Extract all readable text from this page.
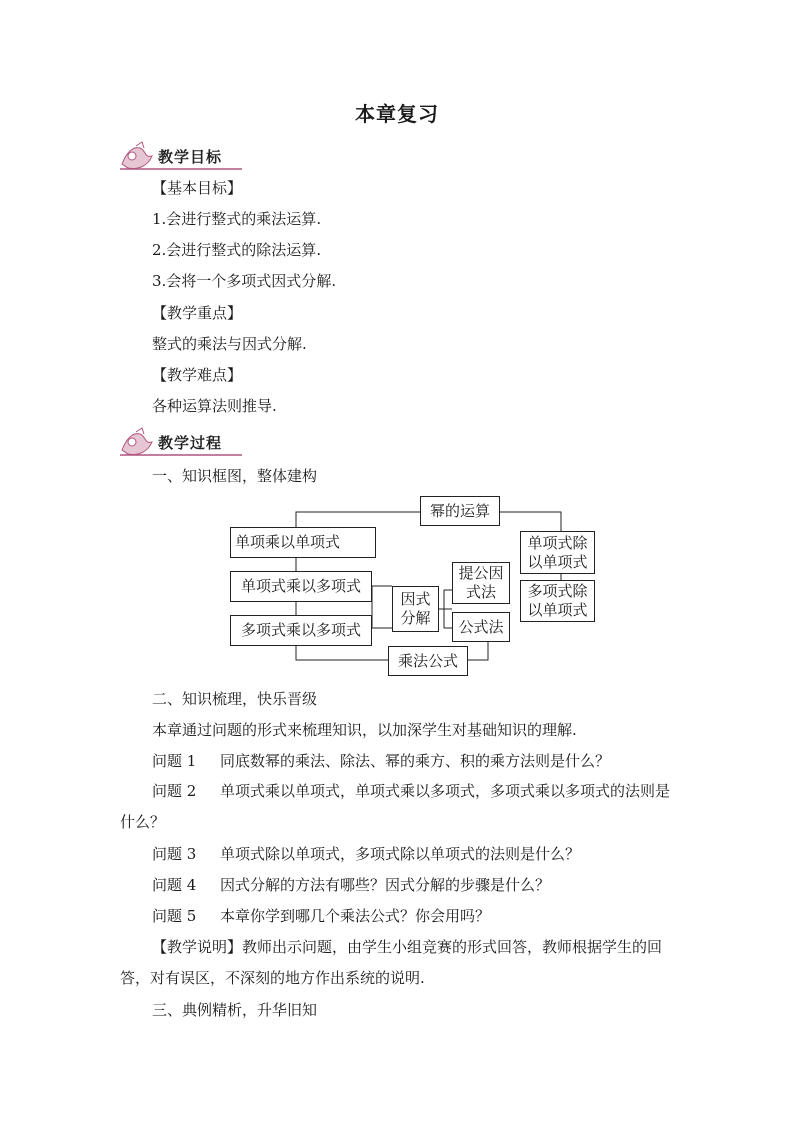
本章复习
教学目标
【基本目标】
1.会进行整式的乘法运算.
2.会进行整式的除法运算.
3.会将一个多项式因式分解.
【教学重点】
整式的乘法与因式分解.
【教学难点】
各种运算法则推导.
教学过程
一、知识框图，整体建构
幂的运算
单项乘以单项式
单项式乘以多项式
多项式乘以多项式
因式分解
提公因式法
公式法
乘法公式
单项式除以单项式
多项式除以单项式
二、知识梳理，快乐晋级
本章通过问题的形式来梳理知识，以加深学生对基础知识的理解.
问题 1 同底数幂的乘法、除法、幂的乘方、积的乘方法则是什么？
问题 2 单项式乘以单项式，单项式乘以多项式，多项式乘以多项式的法则是什么？
问题 3 单项式除以单项式，多项式除以单项式的法则是什么？
问题 4 因式分解的方法有哪些？因式分解的步骤是什么？
问题 5 本章你学到哪几个乘法公式？你会用吗？
【教学说明】教师出示问题，由学生小组竞赛的形式回答，教师根据学生的回答，对有误区，不深刻的地方作出系统的说明.
三、典例精析，升华旧知
